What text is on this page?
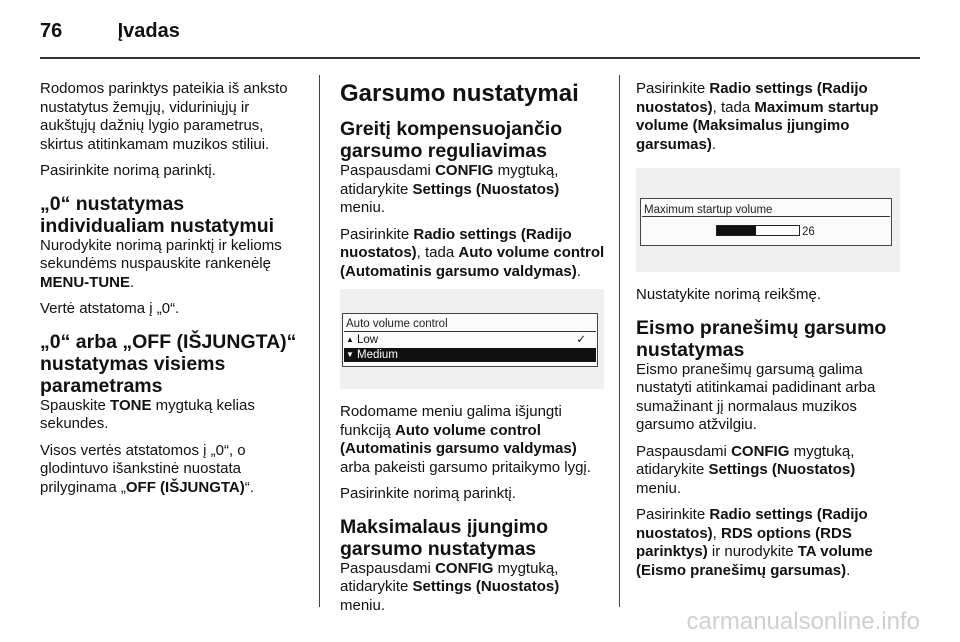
76	Įvadas

Rodomos parinktys pateikia iš anksto nustatytus žemųjų, viduriniųjų ir aukštųjų dažnių lygio parametrus, skirtus atitinkamam muzikos stiliui.

Pasirinkite norimą parinktį.

„0“ nustatymas individualiam nustatymui

Nurodykite norimą parinktį ir kelioms sekundėms nuspauskite rankenėlę MENU-TUNE.

Vertė atstatoma į „0“.

„0“ arba „OFF (IŠJUNGTA)“ nustatymas visiems parametrams

Spauskite TONE mygtuką kelias sekundes.

Visos vertės atstatomos į „0“, o glodintuvo išankstinė nuostata prilyginama „OFF (IŠJUNGTA)“.

Garsumo nustatymai
Greitį kompensuojančio garsumo reguliavimas

Paspausdami CONFIG mygtuką, atidarykite Settings (Nuostatos) meniu.

Pasirinkite Radio settings (Radijo nuostatos), tada Auto volume control (Automatinis garsumo valdymas).

Auto volume control
▲ Low	✓
▼ Medium

Rodomame meniu galima išjungti funkciją Auto volume control (Automatinis garsumo valdymas) arba pakeisti garsumo pritaikymo lygį.

Pasirinkite norimą parinktį.

Maksimalaus įjungimo garsumo nustatymas

Paspausdami CONFIG mygtuką, atidarykite Settings (Nuostatos) meniu.

Pasirinkite Radio settings (Radijo nuostatos), tada Maximum startup volume (Maksimalus įjungimo garsumas).

Maximum startup volume
26

Nustatykite norimą reikšmę.

Eismo pranešimų garsumo nustatymas

Eismo pranešimų garsumą galima nustatyti atitinkamai padidinant arba sumažinant jį normalaus muzikos garsumo atžvilgiu.

Paspausdami CONFIG mygtuką, atidarykite Settings (Nuostatos) meniu.

Pasirinkite Radio settings (Radijo nuostatos), RDS options (RDS parinktys) ir nurodykite TA volume (Eismo pranešimų garsumas).

carmanualsonline.info
